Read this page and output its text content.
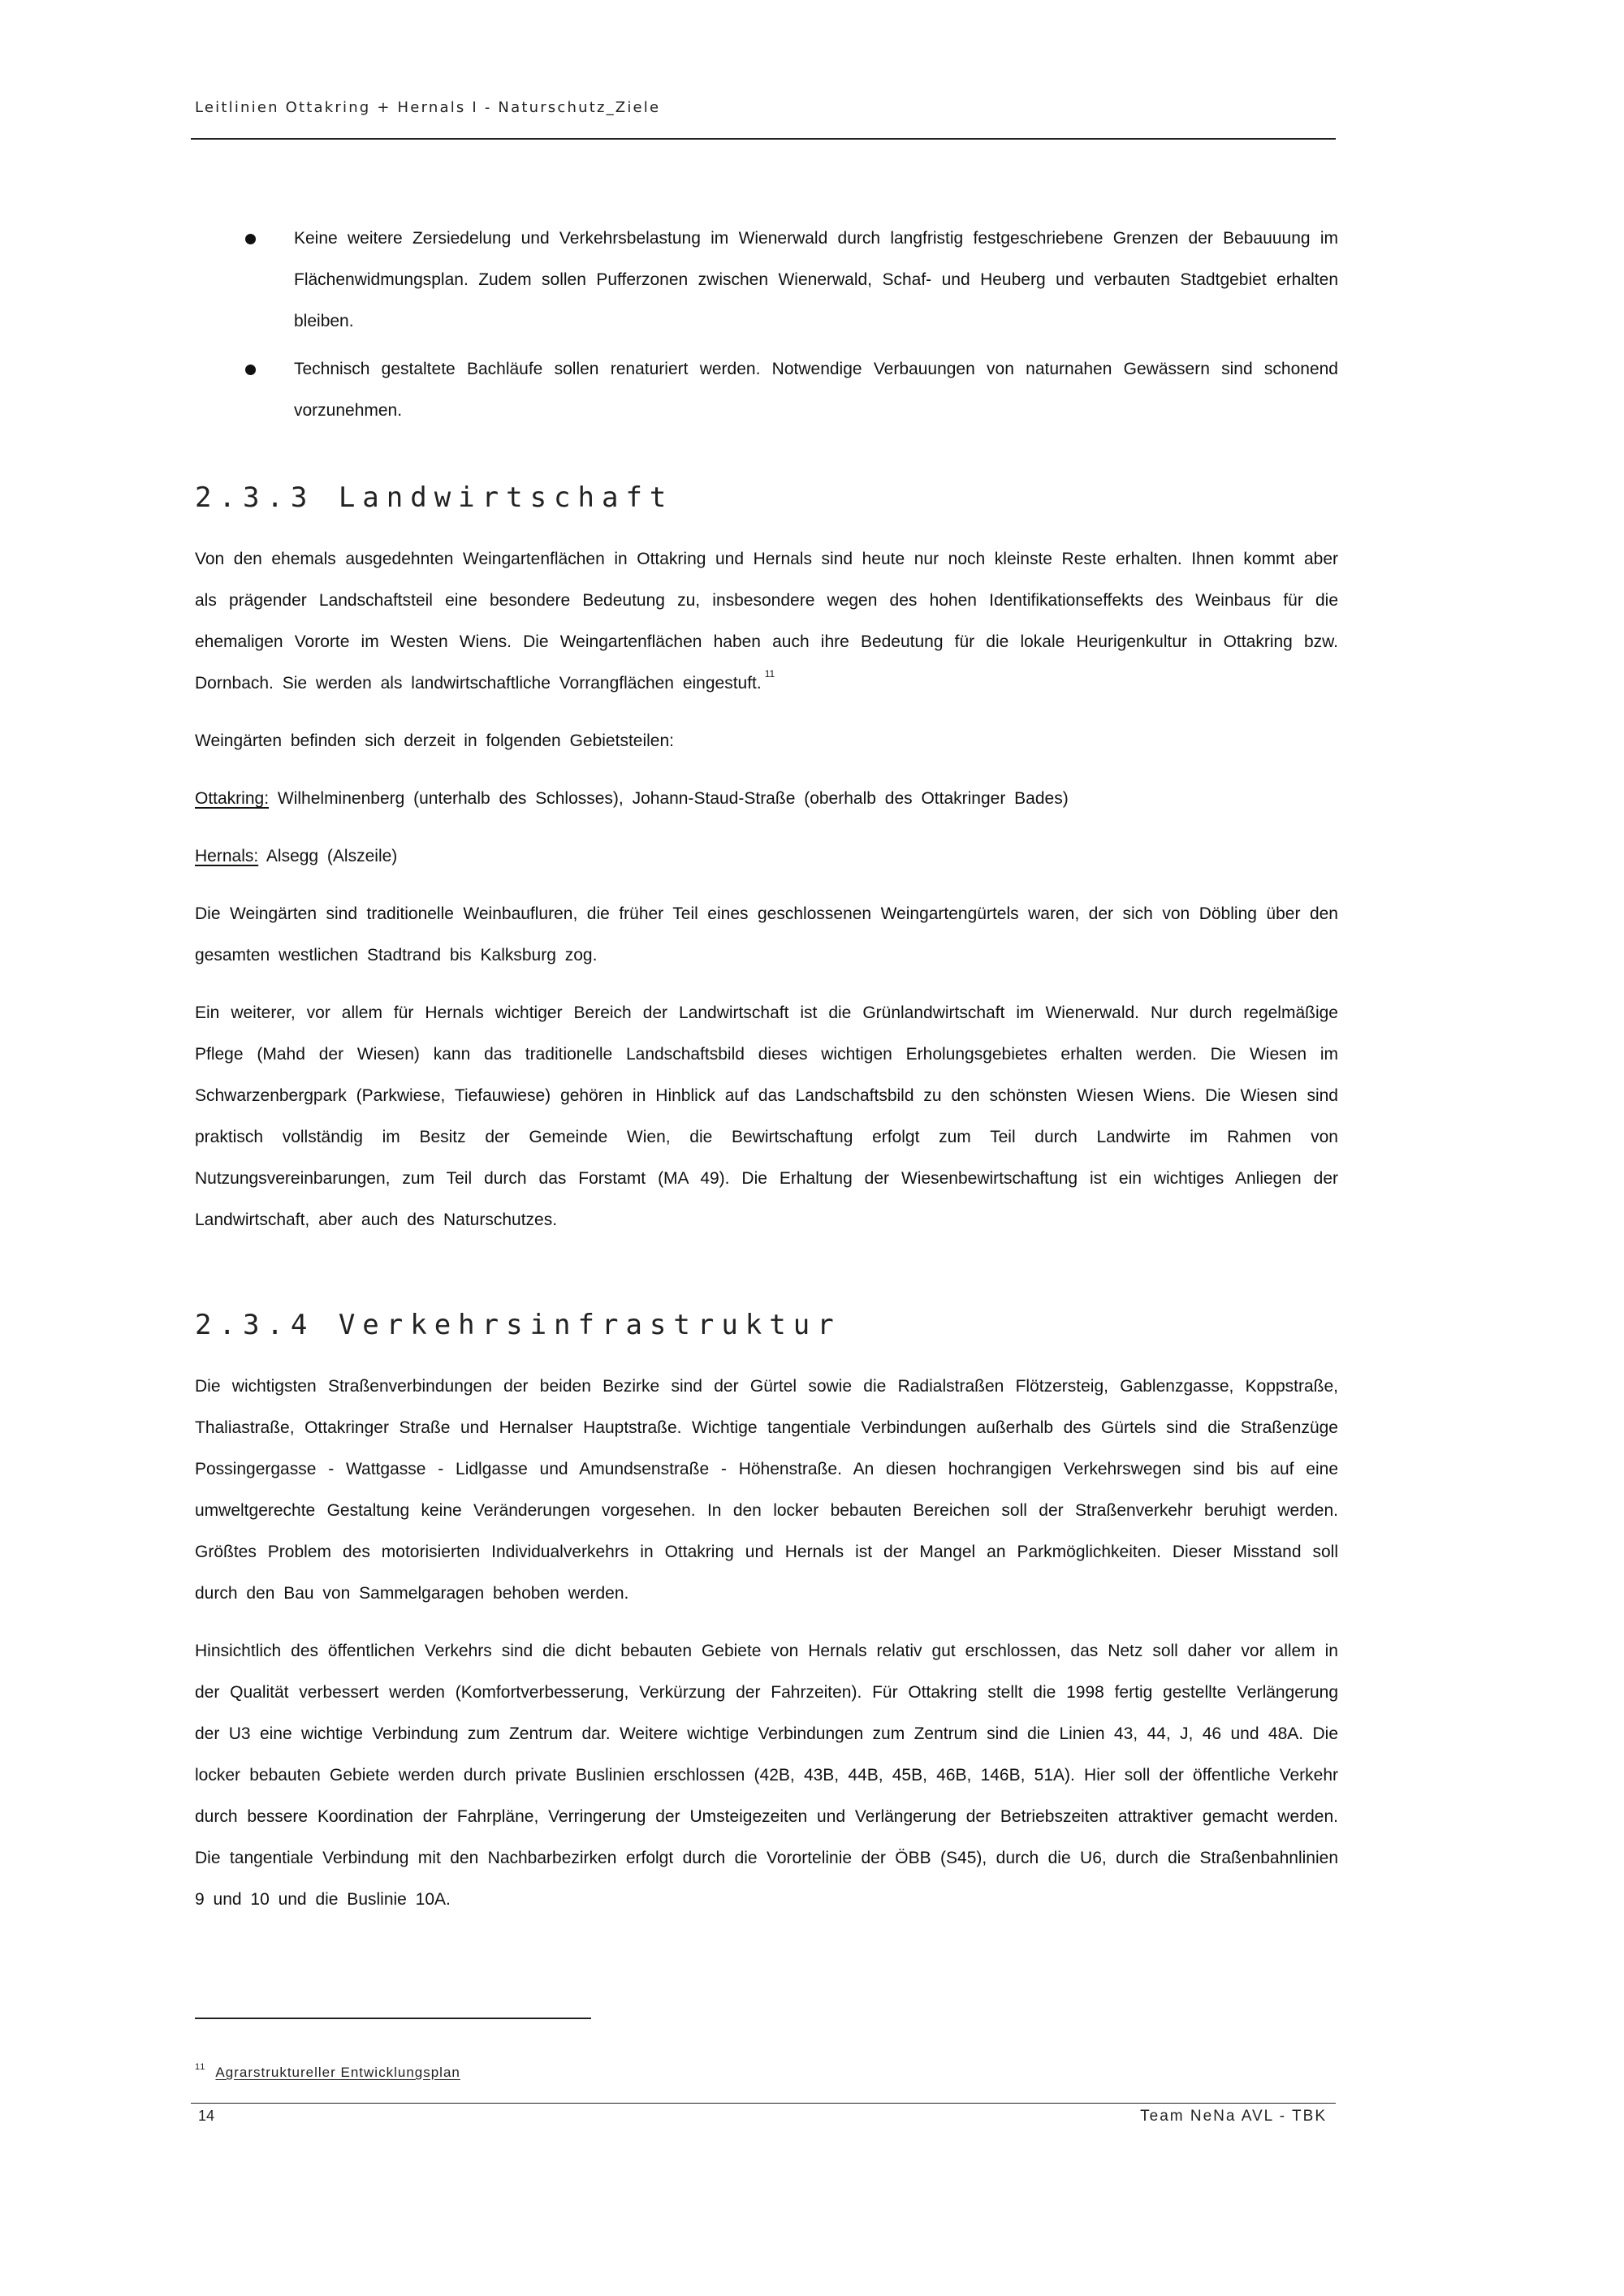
Leitlinien Ottakring + Hernals I - Naturschutz_Ziele
Keine weitere Zersiedelung und Verkehrsbelastung im Wienerwald durch langfristig festgeschriebene Grenzen der Bebauuung im Flächenwidmungsplan. Zudem sollen Pufferzonen zwischen Wienerwald, Schaf- und Heuberg und verbauten Stadtgebiet erhalten bleiben.
Technisch gestaltete Bachläufe sollen renaturiert werden. Notwendige Verbauungen von naturnahen Gewässern sind schonend vorzunehmen.
2.3.3 Landwirtschaft

Von den ehemals ausgedehnten Weingartenflächen in Ottakring und Hernals sind heute nur noch kleinste Reste erhalten. Ihnen kommt aber als prägender Landschaftsteil eine besondere Bedeutung zu, insbesondere wegen des hohen Identifikationseffekts des Weinbaus für die ehemaligen Vororte im Westen Wiens. Die Weingartenflächen haben auch ihre Bedeutung für die lokale Heurigenkultur in Ottakring bzw. Dornbach. Sie werden als landwirtschaftliche Vorrangflächen eingestuft. $^{11}$

Weingärten befinden sich derzeit in folgenden Gebietsteilen:

Ottakring: Wilhelminenberg (unterhalb des Schlosses), Johann-Staud-Straße (oberhalb des Ottakringer Bades)

Hernals: Alsegg (Alszeile)

Die Weingärten sind traditionelle Weinbaufluren, die früher Teil eines geschlossenen Weingartengürtels waren, der sich von Döbling über den gesamten westlichen Stadtrand bis Kalksburg zog.

Ein weiterer, vor allem für Hernals wichtiger Bereich der Landwirtschaft ist die Grünlandwirtschaft im Wienerwald. Nur durch regelmäßige Pflege (Mahd der Wiesen) kann das traditionelle Landschaftsbild dieses wichtigen Erholungsgebietes erhalten werden. Die Wiesen im Schwarzenbergpark (Parkwiese, Tiefauwiese) gehören in Hinblick auf das Landschaftsbild zu den schönsten Wiesen Wiens. Die Wiesen sind praktisch vollständig im Besitz der Gemeinde Wien, die Bewirtschaftung erfolgt zum Teil durch Landwirte im Rahmen von Nutzungsvereinbarungen, zum Teil durch das Forstamt (MA 49). Die Erhaltung der Wiesenbewirtschaftung ist ein wichtiges Anliegen der Landwirtschaft, aber auch des Naturschutzes.

2.3.4 Verkehrsinfrastruktur

Die wichtigsten Straßenverbindungen der beiden Bezirke sind der Gürtel sowie die Radialstraßen Flötzersteig, Gablenzgasse, Koppstraße, Thaliastraße, Ottakringer Straße und Hernalser Hauptstraße. Wichtige tangentiale Verbindungen außerhalb des Gürtels sind die Straßenzüge Possingergasse - Wattgasse - Lidlgasse und Amundsenstraße - Höhenstraße. An diesen hochrangigen Verkehrswegen sind bis auf eine umweltgerechte Gestaltung keine Veränderungen vorgesehen. In den locker bebauten Bereichen soll der Straßenverkehr beruhigt werden. Größtes Problem des motorisierten Individualverkehrs in Ottakring und Hernals ist der Mangel an Parkmöglichkeiten. Dieser Misstand soll durch den Bau von Sammelgaragen behoben werden.

Hinsichtlich des öffentlichen Verkehrs sind die dicht bebauten Gebiete von Hernals relativ gut erschlossen, das Netz soll daher vor allem in der Qualität verbessert werden (Komfortverbesserung, Verkürzung der Fahrzeiten). Für Ottakring stellt die 1998 fertig gestellte Verlängerung der U3 eine wichtige Verbindung zum Zentrum dar. Weitere wichtige Verbindungen zum Zentrum sind die Linien 43, 44, J, 46 und 48A. Die locker bebauten Gebiete werden durch private Buslinien erschlossen (42B, 43B, 44B, 45B, 46B, 146B, 51A). Hier soll der öffentliche Verkehr durch bessere Koordination der Fahrpläne, Verringerung der Umsteigezeiten und Verlängerung der Betriebszeiten attraktiver gemacht werden. Die tangentiale Verbindung mit den Nachbarbezirken erfolgt durch die Vorortelinie der ÖBB (S45), durch die U6, durch die Straßenbahnlinien 9 und 10 und die Buslinie 10A.

$^{11}$ Agrarstruktureller Entwicklungsplan
14	Team NeNa AVL - TBK
